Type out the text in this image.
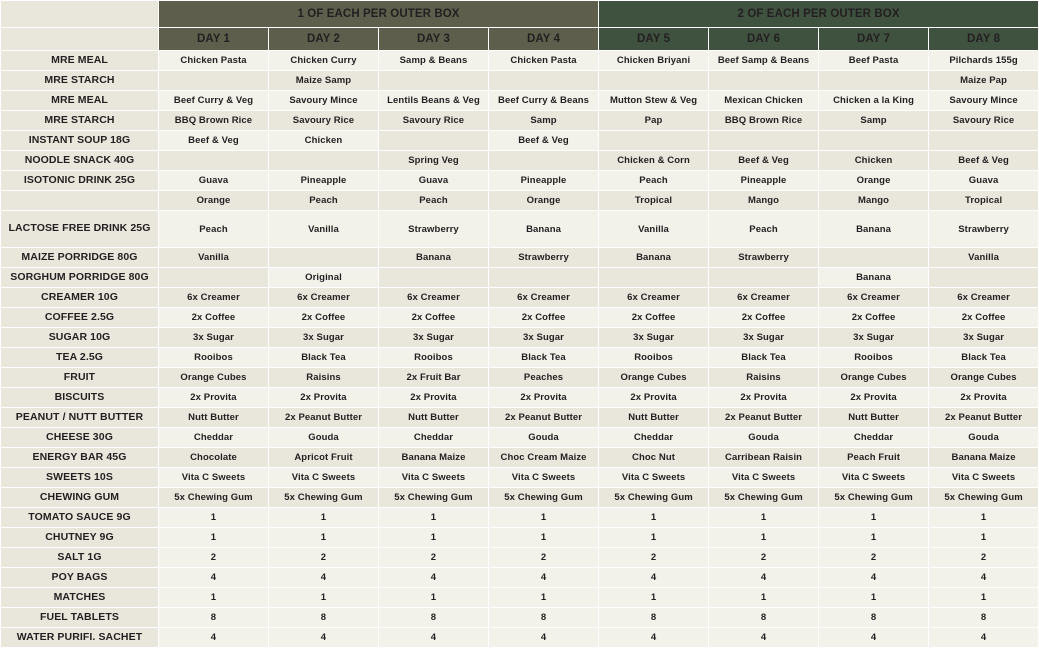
	1 OF EACH PER OUTER BOX				2 OF EACH PER OUTER BOX			
	DAY 1	DAY 2	DAY 3	DAY 4	DAY 5	DAY 6	DAY 7	DAY 8
MRE MEAL	Chicken Pasta	Chicken Curry	Samp & Beans	Chicken Pasta	Chicken Briyani	Beef Samp & Beans	Beef Pasta	Pilchards 155g
MRE STARCH		Maize Samp						Maize Pap
MRE MEAL	Beef Curry & Veg	Savoury Mince	Lentils Beans & Veg	Beef Curry & Beans	Mutton Stew & Veg	Mexican Chicken	Chicken a la King	Savoury Mince
MRE STARCH	BBQ Brown Rice	Savoury Rice	Savoury Rice	Samp	Pap	BBQ Brown Rice	Samp	Savoury Rice
INSTANT SOUP 18G	Beef & Veg	Chicken		Beef & Veg				
NOODLE SNACK 40G			Spring Veg		Chicken & Corn	Beef & Veg	Chicken	Beef & Veg
ISOTONIC DRINK 25G	Guava	Pineapple	Guava	Pineapple	Peach	Pineapple	Orange	Guava
	Orange	Peach	Peach	Orange	Tropical	Mango	Mango	Tropical
LACTOSE FREE DRINK 25G	Peach	Vanilla	Strawberry	Banana	Vanilla	Peach	Banana	Strawberry
MAIZE PORRIDGE 80G	Vanilla		Banana	Strawberry	Banana	Strawberry		Vanilla
SORGHUM PORRIDGE 80G		Original					Banana	
CREAMER 10G	6x Creamer	6x Creamer	6x Creamer	6x Creamer	6x Creamer	6x Creamer	6x Creamer	6x Creamer
COFFEE 2.5G	2x Coffee	2x Coffee	2x Coffee	2x Coffee	2x Coffee	2x Coffee	2x Coffee	2x Coffee
SUGAR 10G	3x Sugar	3x Sugar	3x Sugar	3x Sugar	3x Sugar	3x Sugar	3x Sugar	3x Sugar
TEA 2.5G	Rooibos	Black Tea	Rooibos	Black Tea	Rooibos	Black Tea	Rooibos	Black Tea
FRUIT	Orange Cubes	Raisins	2x Fruit Bar	Peaches	Orange Cubes	Raisins	Orange Cubes	Orange Cubes
BISCUITS	2x Provita	2x Provita	2x Provita	2x Provita	2x Provita	2x Provita	2x Provita	2x Provita
PEANUT / NUTT BUTTER	Nutt Butter	2x Peanut Butter	Nutt Butter	2x Peanut Butter	Nutt Butter	2x Peanut Butter	Nutt Butter	2x Peanut Butter
CHEESE 30G	Cheddar	Gouda	Cheddar	Gouda	Cheddar	Gouda	Cheddar	Gouda
ENERGY BAR 45G	Chocolate	Apricot Fruit	Banana Maize	Choc Cream Maize	Choc Nut	Carribean Raisin	Peach Fruit	Banana Maize
SWEETS 10S	Vita C Sweets	Vita C Sweets	Vita C Sweets	Vita C Sweets	Vita C Sweets	Vita C Sweets	Vita C Sweets	Vita C Sweets
CHEWING GUM	5x Chewing Gum	5x Chewing Gum	5x Chewing Gum	5x Chewing Gum	5x Chewing Gum	5x Chewing Gum	5x Chewing Gum	5x Chewing Gum
TOMATO SAUCE 9G	1	1	1	1	1	1	1	1
CHUTNEY 9G	1	1	1	1	1	1	1	1
SALT 1G	2	2	2	2	2	2	2	2
POY BAGS	4	4	4	4	4	4	4	4
MATCHES	1	1	1	1	1	1	1	1
FUEL TABLETS	8	8	8	8	8	8	8	8
WATER PURIFI. SACHET	4	4	4	4	4	4	4	4
